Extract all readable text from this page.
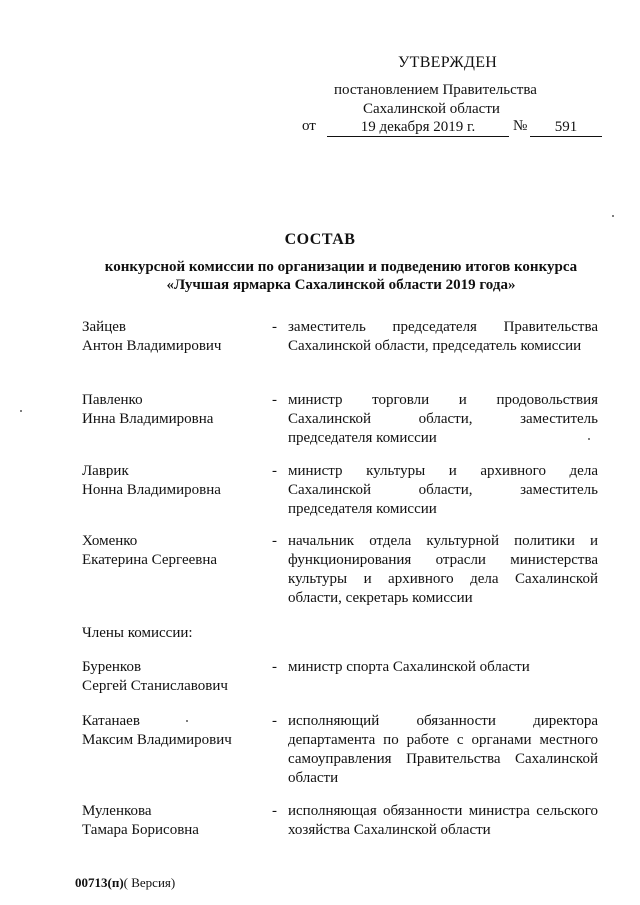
УТВЕРЖДЕН
постановлением Правительства
Сахалинской области
от	19 декабря 2019 г.	№	591
СОСТАВ
конкурсной комиссии по организации и подведению итогов конкурса
«Лучшая ярмарка Сахалинской области 2019 года»
Зайцев
Антон Владимирович
- заместитель председателя Правительства Сахалинской области, председатель комиссии
Павленко
Инна Владимировна
- министр торговли и продовольствия Сахалинской области, заместитель председателя комиссии
Лаврик
Нонна Владимировна
- министр культуры и архивного дела Сахалинской области, заместитель председателя комиссии
Хоменко
Екатерина Сергеевна
- начальник отдела культурной политики и функционирования отрасли министерства культуры и архивного дела Сахалинской области, секретарь комиссии
Члены комиссии:
Буренков
Сергей Станиславович
- министр спорта Сахалинской области
Катанаев
Максим Владимирович
- исполняющий обязанности директора департамента по работе с органами местного самоуправления Правительства Сахалинской области
Муленкова
Тамара Борисовна
- исполняющая обязанности министра сельского хозяйства Сахалинской области
00713(п)( Версия)
